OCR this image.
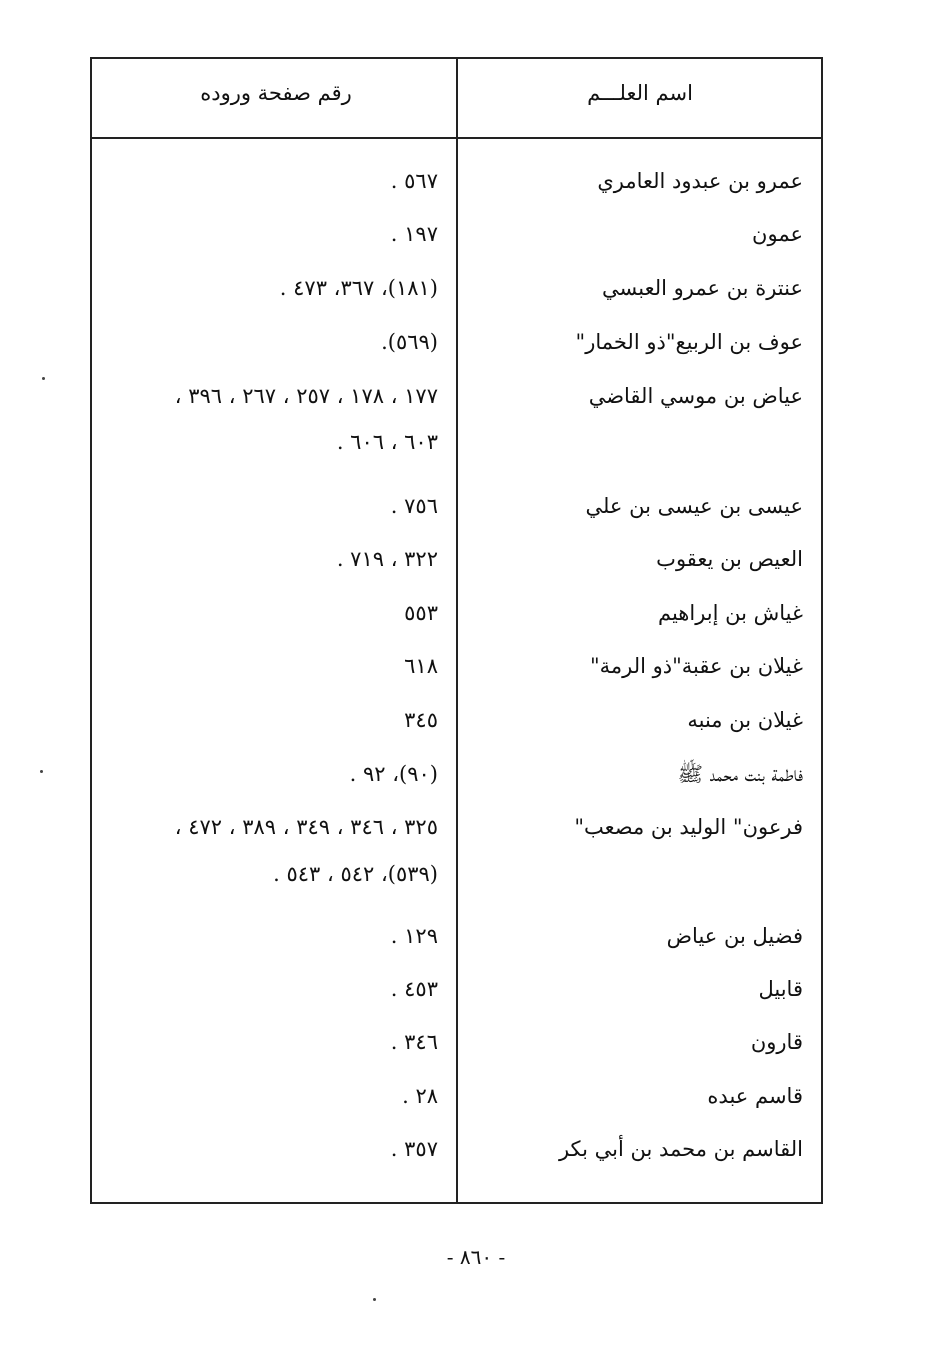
اسم العلـــم
رقم صفحة وروده
عمرو بن عبدود العامري
٥٦٧ .
عمون
١٩٧ .
عنترة بن عمرو العبسي
(١٨١)، ٣٦٧، ٤٧٣ .
عوف بن الربيع"ذو الخمار"
(٥٦٩).
عياض بن موسي القاضي
١٧٧ ، ١٧٨ ، ٢٥٧ ، ٢٦٧ ، ٣٩٦ ،
٦٠٣ ، ٦٠٦ .
عيسى بن عيسى بن علي
٧٥٦ .
العيص بن يعقوب
٣٢٢ ، ٧١٩ .
غياش بن إبراهيم
٥٥٣
غيلان بن عقبة"ذو الرمة"
٦١٨
غيلان بن منبه
٣٤٥
فاطمة بنت محمد ﷺ
(٩٠)، ٩٢ .
فرعون" الوليد بن مصعب"
٣٢٥ ، ٣٤٦ ، ٣٤٩ ، ٣٨٩ ، ٤٧٢ ،
(٥٣٩)، ٥٤٢ ، ٥٤٣ .
فضيل بن عياض
١٢٩ .
قابيل
٤٥٣ .
قارون
٣٤٦ .
قاسم عبده
٢٨ .
القاسم بن محمد بن أبي بكر
٣٥٧ .
- ٨٦٠ -
